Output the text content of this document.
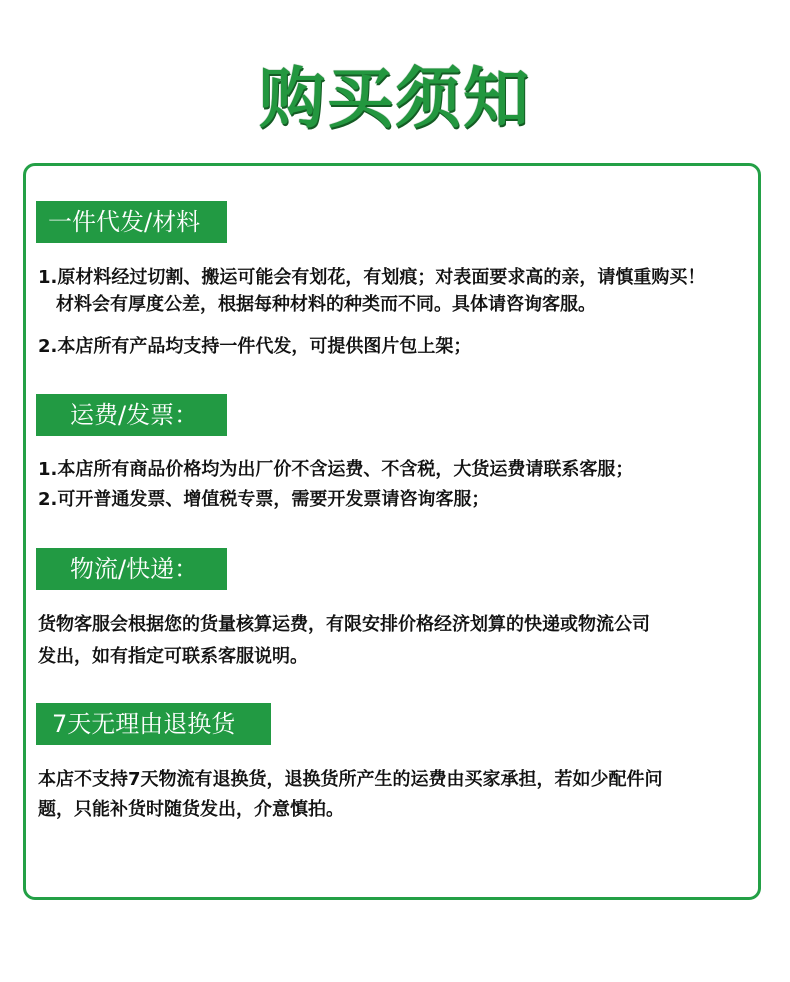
购买须知
一件代发/材料
1.原材料经过切割、搬运可能会有划花，有划痕；对表面要求高的亲，请慎重购买！
材料会有厚度公差，根据每种材料的种类而不同。具体请咨询客服。
2.本店所有产品均支持一件代发，可提供图片包上架；
运费/发票：
1.本店所有商品价格均为出厂价不含运费、不含税，大货运费请联系客服；
2.可开普通发票、增值税专票，需要开发票请咨询客服；
物流/快递：
货物客服会根据您的货量核算运费，有限安排价格经济划算的快递或物流公司
发出，如有指定可联系客服说明。
7天无理由退换货
本店不支持7天物流有退换货，退换货所产生的运费由买家承担，若如少配件问
题，只能补货时随货发出，介意慎拍。
